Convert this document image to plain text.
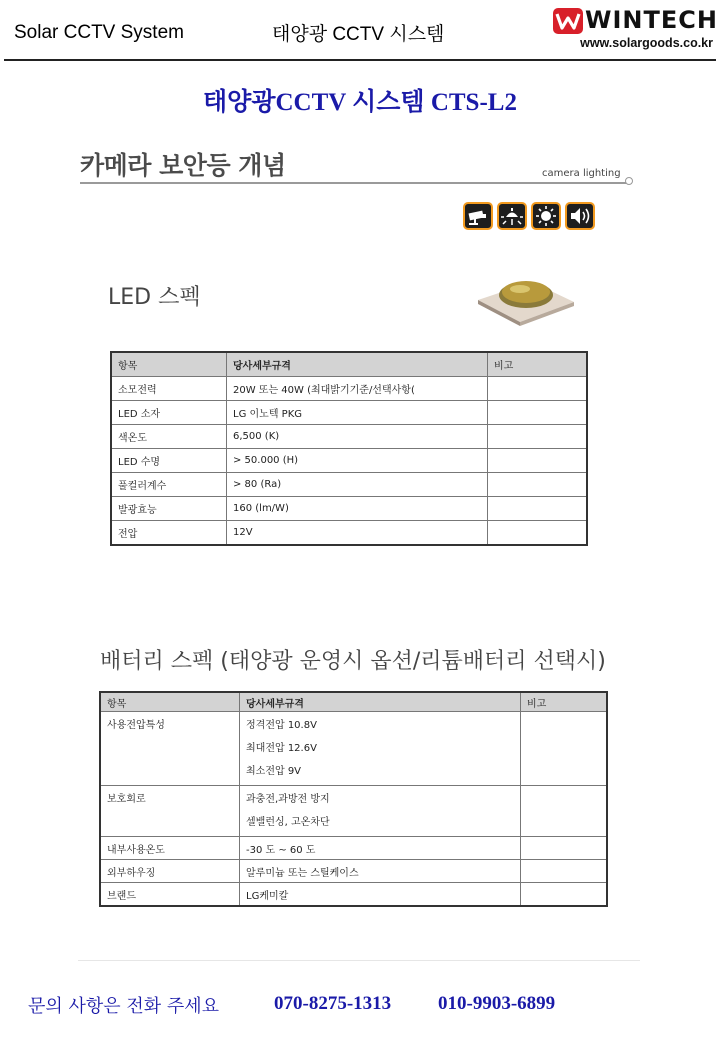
Solar CCTV System	태양광 CCTV 시스템
WINTECH
www.solargoods.co.kr
태양광CCTV 시스템 CTS-L2
카메라 보안등 개념	camera lighting
LED 스펙
항목	당사세부규격	비고
소모전력	20W 또는 40W (최대밝기기준/선택사항(	
LED 소자	LG 이노텍 PKG	
색온도	6,500 (K)	
LED 수명	> 50.000 (H)	
풀컬러계수	> 80 (Ra)	
발광효능	160 (lm/W)	
전압	12V	
배터리 스펙 (태양광 운영시 옵션/리튬배터리 선택시)
항목	당사세부규격	비고
사용전압특성	정격전압 10.8V
최대전압 12.6V
최소전압 9V	

보호회로	과충전,과방전 방지
셀밸런싱, 고온차단	

내부사용온도	-30 도 ~ 60 도	

외부하우징	알루미늄 또는 스틸케이스	

브랜드	LG케미칼	

문의 사항은 전화 주세요	070-8275-1313 010-9903-6899
